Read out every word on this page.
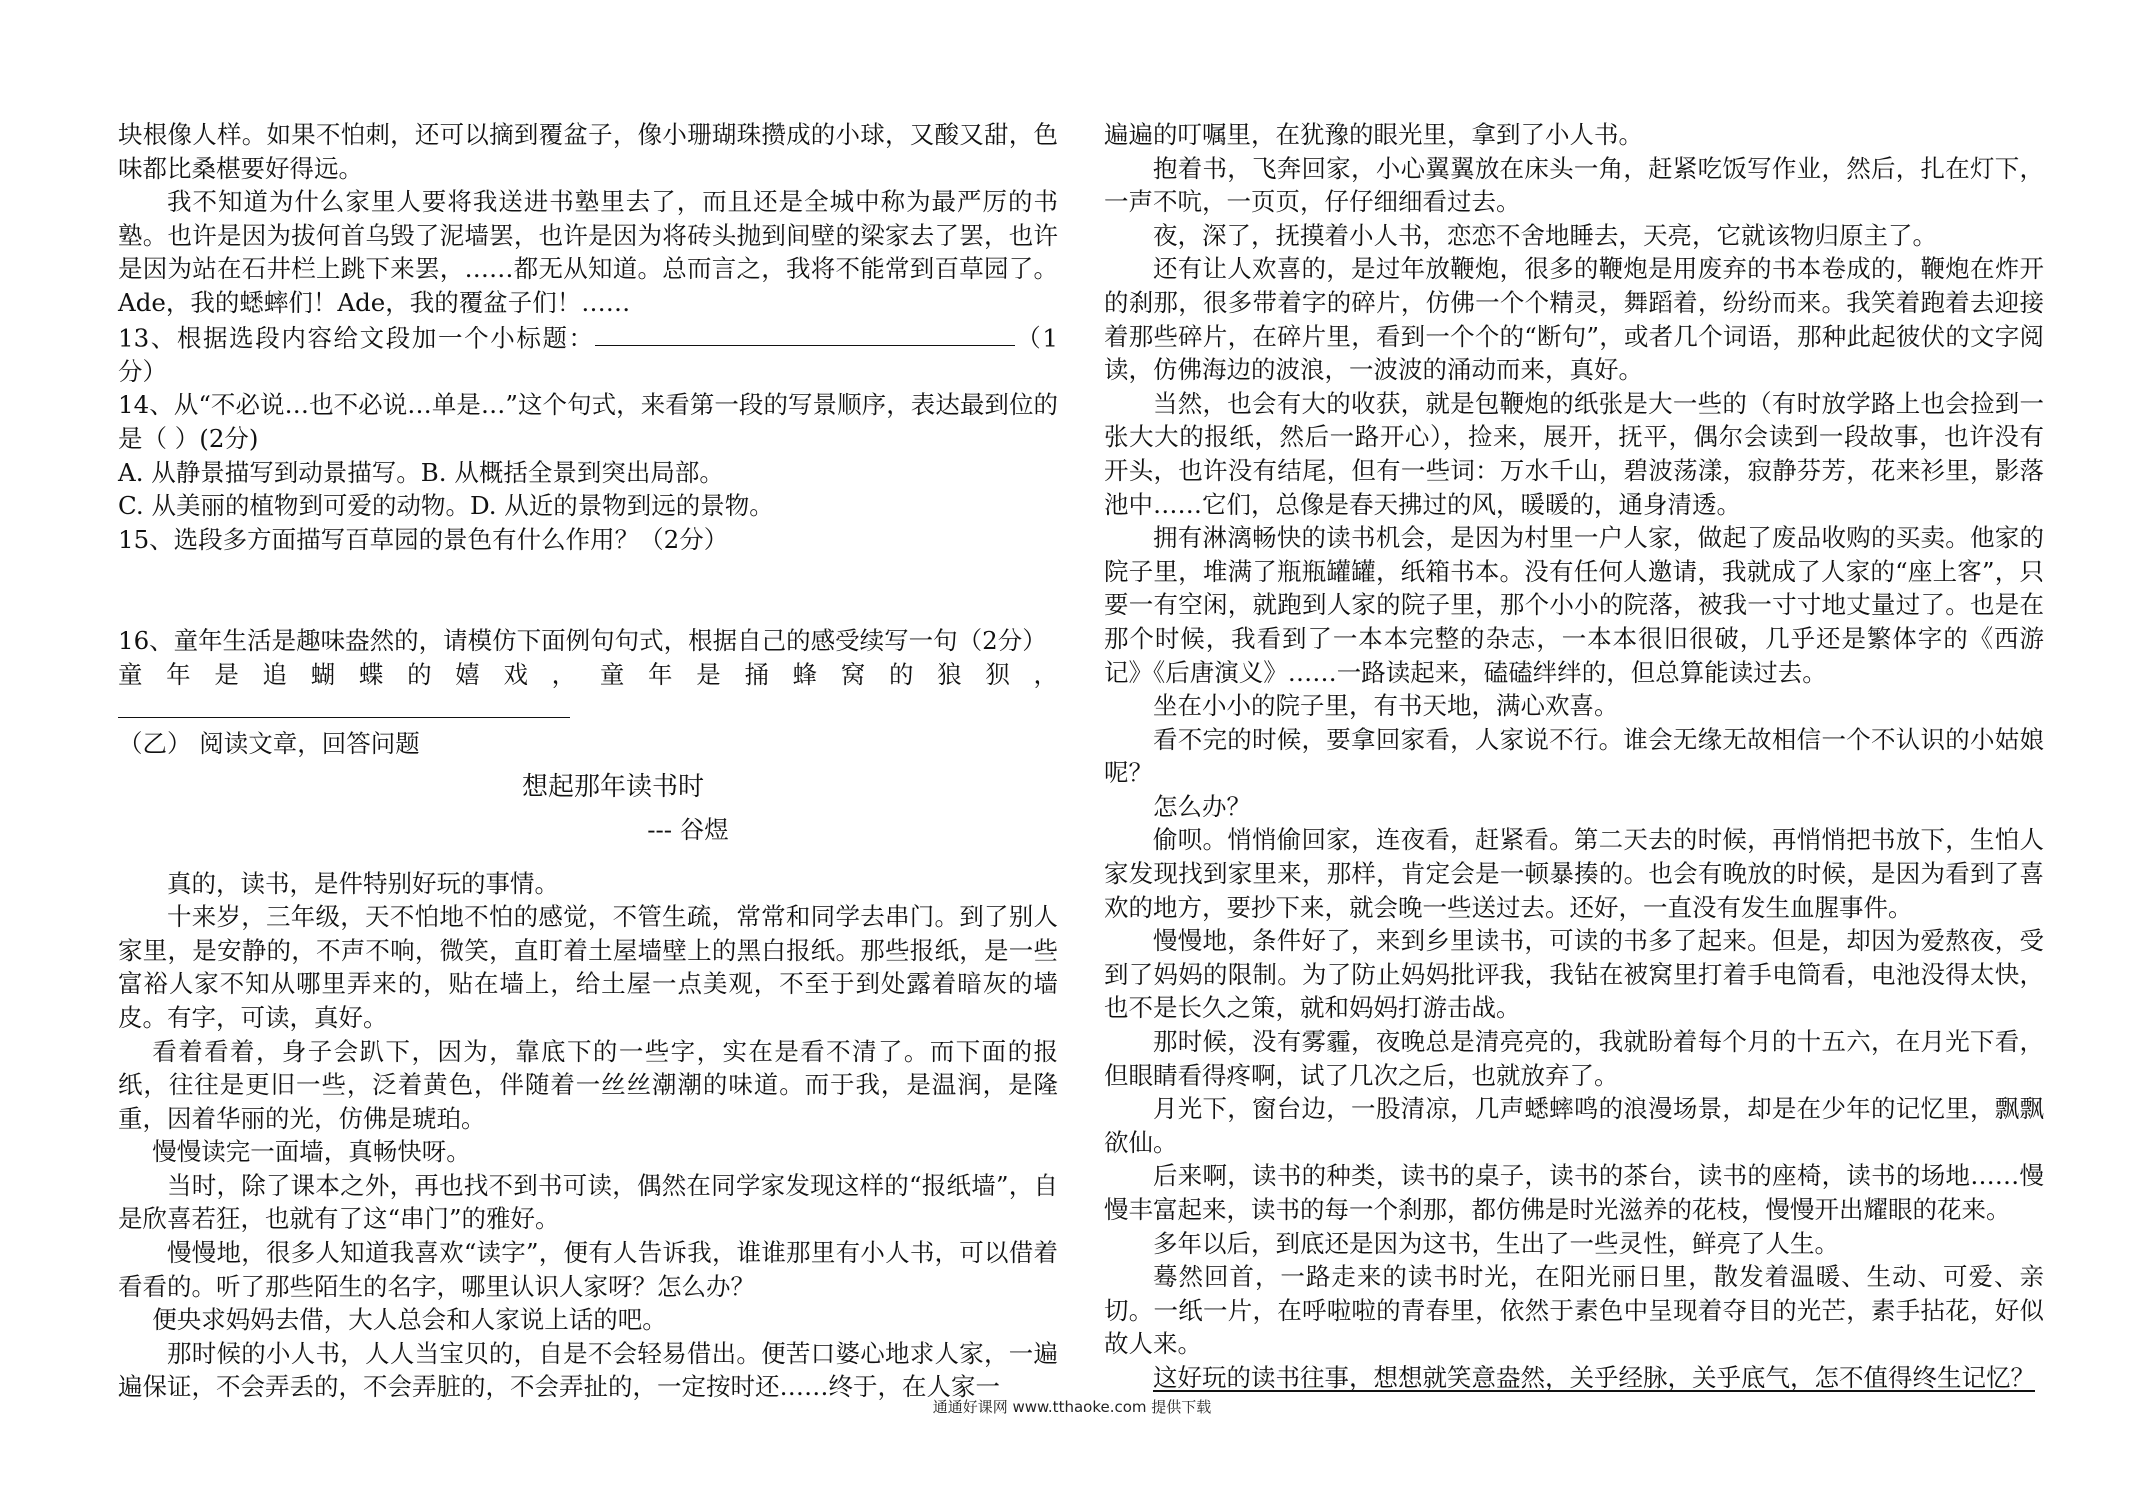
块根像人样。如果不怕刺，还可以摘到覆盆子，像小珊瑚珠攒成的小球，又酸又甜，色味都比桑椹要好得远。

我不知道为什么家里人要将我送进书塾里去了，而且还是全城中称为最严厉的书塾。也许是因为拔何首乌毁了泥墙罢，也许是因为将砖头抛到间壁的梁家去了罢，也许是因为站在石井栏上跳下来罢，……都无从知道。总而言之，我将不能常到百草园了。Ade，我的蟋蟀们！Ade，我的覆盆子们！……

13、根据选段内容给文段加一个小标题：	（1分）

14、从“不必说…也不必说…单是…”这个句式，来看第一段的写景顺序，表达最到位的是（ ）(2分)

A. 从静景描写到动景描写。B. 从概括全景到突出局部。

C. 从美丽的植物到可爱的动物。D. 从近的景物到远的景物。

15、选段多方面描写百草园的景色有什么作用？（2分）

16、童年生活是趣味盎然的，请模仿下面例句句式，根据自己的感受续写一句（2分）

童年是追蝴蝶的嬉戏，童年是捅蜂窝的狼狈，

（乙） 阅读文章，回答问题

想起那年读书时

--- 谷煜

真的，读书，是件特别好玩的事情。

十来岁，三年级，天不怕地不怕的感觉，不管生疏，常常和同学去串门。到了别人家里，是安静的，不声不响，微笑，直盯着土屋墙壁上的黑白报纸。那些报纸，是一些富裕人家不知从哪里弄来的，贴在墙上，给土屋一点美观，不至于到处露着暗灰的墙皮。有字，可读，真好。

看着看着，身子会趴下，因为，靠底下的一些字，实在是看不清了。而下面的报纸，往往是更旧一些，泛着黄色，伴随着一丝丝潮潮的味道。而于我，是温润，是隆重，因着华丽的光，仿佛是琥珀。

慢慢读完一面墙，真畅快呀。

当时，除了课本之外，再也找不到书可读，偶然在同学家发现这样的“报纸墙”，自是欣喜若狂，也就有了这“串门”的雅好。

慢慢地，很多人知道我喜欢“读字”，便有人告诉我，谁谁那里有小人书，可以借着看看的。听了那些陌生的名字，哪里认识人家呀？怎么办？

便央求妈妈去借，大人总会和人家说上话的吧。

那时候的小人书，人人当宝贝的，自是不会轻易借出。便苦口婆心地求人家，一遍遍保证，不会弄丢的，不会弄脏的，不会弄扯的，一定按时还……终于，在人家一

遍遍的叮嘱里，在犹豫的眼光里，拿到了小人书。

抱着书，飞奔回家，小心翼翼放在床头一角，赶紧吃饭写作业，然后，扎在灯下，一声不吭，一页页，仔仔细细看过去。

夜，深了，抚摸着小人书，恋恋不舍地睡去，天亮，它就该物归原主了。

还有让人欢喜的，是过年放鞭炮，很多的鞭炮是用废弃的书本卷成的，鞭炮在炸开的刹那，很多带着字的碎片，仿佛一个个精灵，舞蹈着，纷纷而来。我笑着跑着去迎接着那些碎片，在碎片里，看到一个个的“断句”，或者几个词语，那种此起彼伏的文字阅读，仿佛海边的波浪，一波波的涌动而来，真好。

当然，也会有大的收获，就是包鞭炮的纸张是大一些的（有时放学路上也会捡到一张大大的报纸，然后一路开心），捡来，展开，抚平，偶尔会读到一段故事，也许没有开头，也许没有结尾，但有一些词：万水千山，碧波荡漾，寂静芬芳，花来衫里，影落池中……它们，总像是春天拂过的风，暖暖的，通身清透。

拥有淋漓畅快的读书机会，是因为村里一户人家，做起了废品收购的买卖。他家的院子里，堆满了瓶瓶罐罐，纸箱书本。没有任何人邀请，我就成了人家的“座上客”，只要一有空闲，就跑到人家的院子里，那个小小的院落，被我一寸寸地丈量过了。也是在那个时候，我看到了一本本完整的杂志，一本本很旧很破，几乎还是繁体字的《西游记》《后唐演义》……一路读起来，磕磕绊绊的，但总算能读过去。

坐在小小的院子里，有书天地，满心欢喜。

看不完的时候，要拿回家看，人家说不行。谁会无缘无故相信一个不认识的小姑娘呢？

怎么办？

偷呗。悄悄偷回家，连夜看，赶紧看。第二天去的时候，再悄悄把书放下，生怕人家发现找到家里来，那样，肯定会是一顿暴揍的。也会有晚放的时候，是因为看到了喜欢的地方，要抄下来，就会晚一些送过去。还好，一直没有发生血腥事件。

慢慢地，条件好了，来到乡里读书，可读的书多了起来。但是，却因为爱熬夜，受到了妈妈的限制。为了防止妈妈批评我，我钻在被窝里打着手电筒看，电池没得太快，也不是长久之策，就和妈妈打游击战。

那时候，没有雾霾，夜晚总是清亮亮的，我就盼着每个月的十五六，在月光下看，但眼睛看得疼啊，试了几次之后，也就放弃了。

月光下，窗台边，一股清凉，几声蟋蟀鸣的浪漫场景，却是在少年的记忆里，飘飘欲仙。

后来啊，读书的种类，读书的桌子，读书的茶台，读书的座椅，读书的场地……慢慢丰富起来，读书的每一个刹那，都仿佛是时光滋养的花枝，慢慢开出耀眼的花来。

多年以后，到底还是因为这书，生出了一些灵性，鲜亮了人生。

蓦然回首，一路走来的读书时光，在阳光丽日里，散发着温暖、生动、可爱、亲切。一纸一片，在呼啦啦的青春里，依然于素色中呈现着夺目的光芒，素手拈花，好似故人来。

这好玩的读书往事，想想就笑意盎然，关乎经脉，关乎底气，怎不值得终生记忆？

通通好课网 www.tthaoke.com 提供下载
